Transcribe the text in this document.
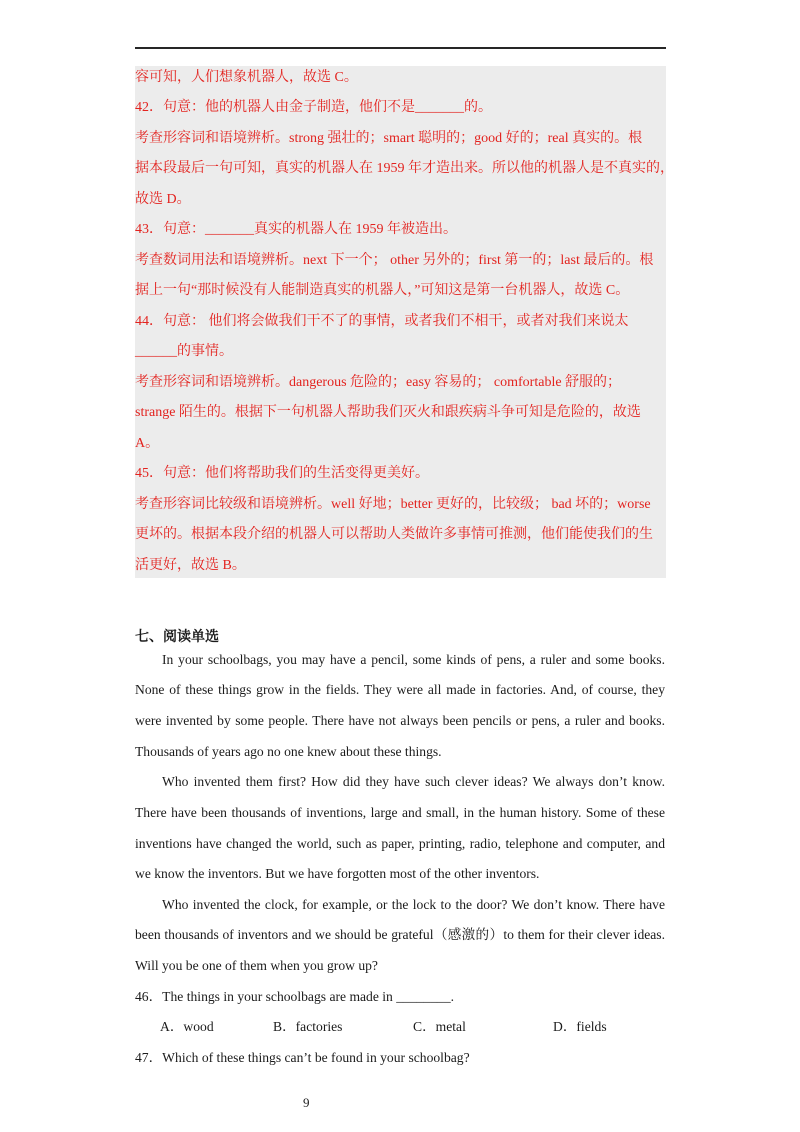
容可知，人们想象机器人，故选 C。
42．句意：他的机器人由金子制造，他们不是_______的。
考查形容词和语境辨析。strong 强壮的；smart 聪明的；good 好的；real 真实的。根
据本段最后一句可知，真实的机器人在 1959 年才造出来。所以他的机器人是不真实的，
故选 D。
43．句意：_______真实的机器人在 1959 年被造出。
考查数词用法和语境辨析。next 下一个； other 另外的；first 第一的；last 最后的。根
据上一句“那时候没有人能制造真实的机器人，”可知这是第一台机器人，故选 C。
44．句意： 他们将会做我们干不了的事情，或者我们不相干，或者对我们来说太
______的事情。
考查形容词和语境辨析。dangerous 危险的；easy 容易的； comfortable 舒服的；
strange 陌生的。根据下一句机器人帮助我们灭火和跟疾病斗争可知是危险的，故选
A。
45．句意：他们将帮助我们的生活变得更美好。
考查形容词比较级和语境辨析。well 好地；better 更好的，比较级； bad 坏的；worse
更坏的。根据本段介绍的机器人可以帮助人类做许多事情可推测，他们能使我们的生
活更好，故选 B。
七、阅读单选
In your schoolbags, you may have a pencil, some kinds of pens, a ruler and some books.
None of these things grow in the fields. They were all made in factories. And, of course, they
were invented by some people. There have not always been pencils or pens, a ruler and books.
Thousands of years ago no one knew about these things.
Who invented them first? How did they have such clever ideas? We always don’t know.
There have been thousands of inventions, large and small, in the human history. Some of these
inventions have changed the world, such as paper, printing, radio, telephone and computer, and
we know the inventors. But we have forgotten most of the other inventors.
Who invented the clock, for example, or the lock to the door? We don’t know. There have
been thousands of inventors and we should be grateful（感激的）to them for their clever ideas.
Will you be one of them when you grow up?
46．The things in your schoolbags are made in ________.
A．wood	B．factories	C．metal	D．fields
47．Which of these things can’t be found in your schoolbag?
9
